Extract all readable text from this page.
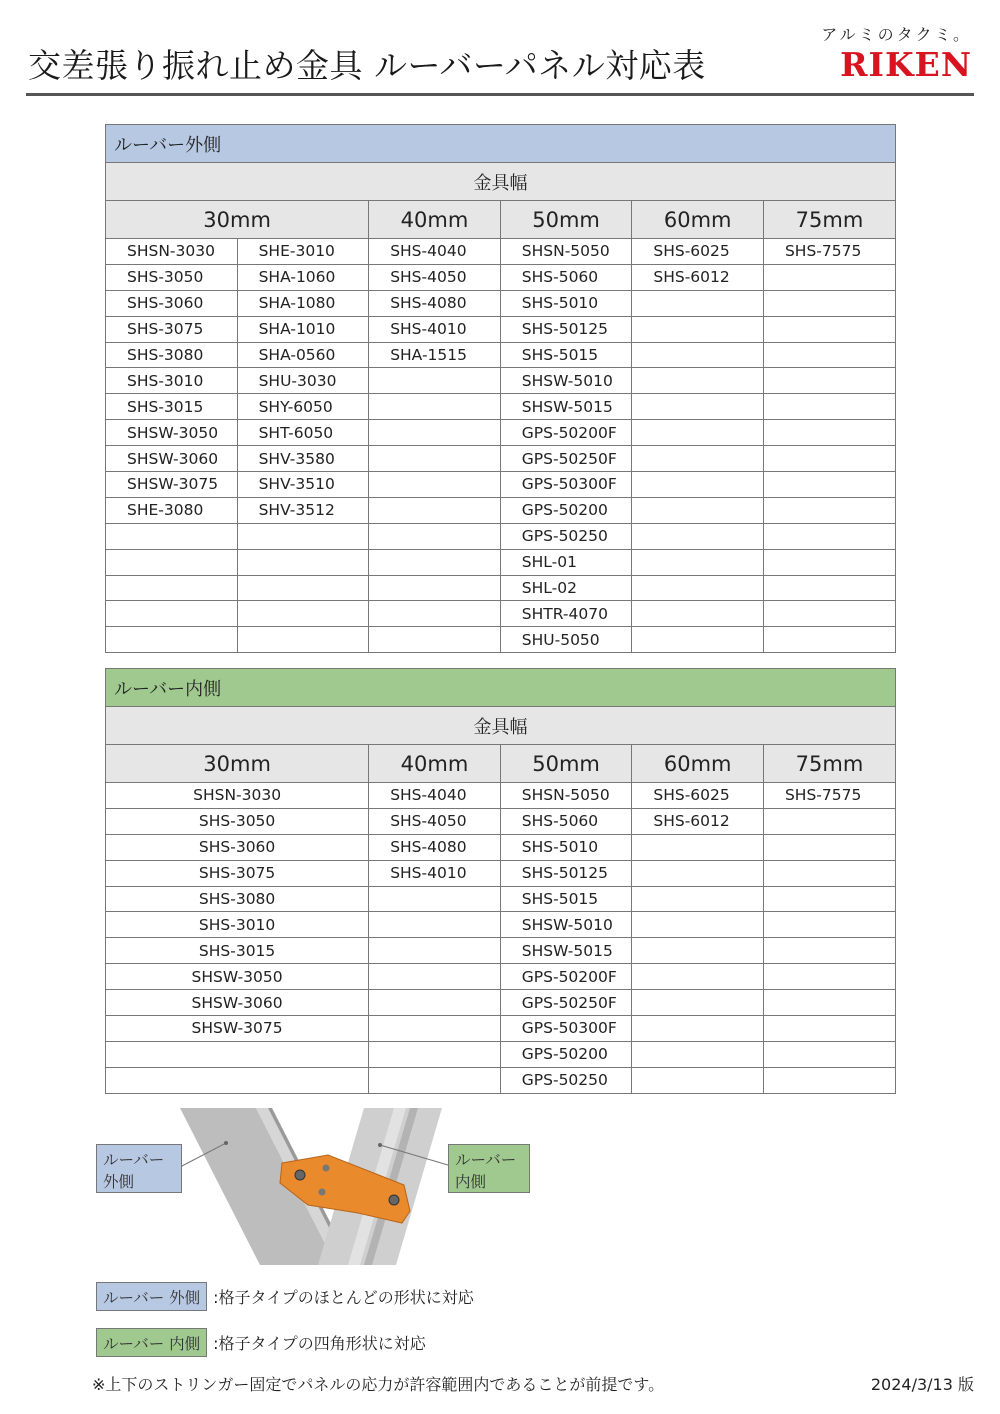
交差張り振れ止め金具 ルーバーパネル対応表
アルミのタクミ。
RIKEN
ルーバー外側					
金具幅					
30mm		40mm	50mm	60mm	75mm
SHSN-3030	SHE-3010	SHS-4040	SHSN-5050	SHS-6025	SHS-7575
SHS-3050	SHA-1060	SHS-4050	SHS-5060	SHS-6012	
SHS-3060	SHA-1080	SHS-4080	SHS-5010		
SHS-3075	SHA-1010	SHS-4010	SHS-50125		
SHS-3080	SHA-0560	SHA-1515	SHS-5015		
SHS-3010	SHU-3030		SHSW-5010		
SHS-3015	SHY-6050		SHSW-5015		
SHSW-3050	SHT-6050		GPS-50200F		
SHSW-3060	SHV-3580		GPS-50250F		
SHSW-3075	SHV-3510		GPS-50300F		
SHE-3080	SHV-3512		GPS-50200		
			GPS-50250		
			SHL-01		
			SHL-02		
			SHTR-4070		
			SHU-5050		
ルーバー内側				
金具幅				
30mm	40mm	50mm	60mm	75mm
SHSN-3030	SHS-4040	SHSN-5050	SHS-6025	SHS-7575
SHS-3050	SHS-4050	SHS-5060	SHS-6012	
SHS-3060	SHS-4080	SHS-5010		
SHS-3075	SHS-4010	SHS-50125		
SHS-3080		SHS-5015		
SHS-3010		SHSW-5010		
SHS-3015		SHSW-5015		
SHSW-3050		GPS-50200F		
SHSW-3060		GPS-50250F		
SHSW-3075		GPS-50300F		
		GPS-50200		
		GPS-50250		
ルーバー
外側
ルーバー
内側
ルーバー 外側 :格子タイプのほとんどの形状に対応
ルーバー 内側 :格子タイプの四角形状に対応
※上下のストリンガー固定でパネルの応力が許容範囲内であることが前提です。	2024/3/13 版
